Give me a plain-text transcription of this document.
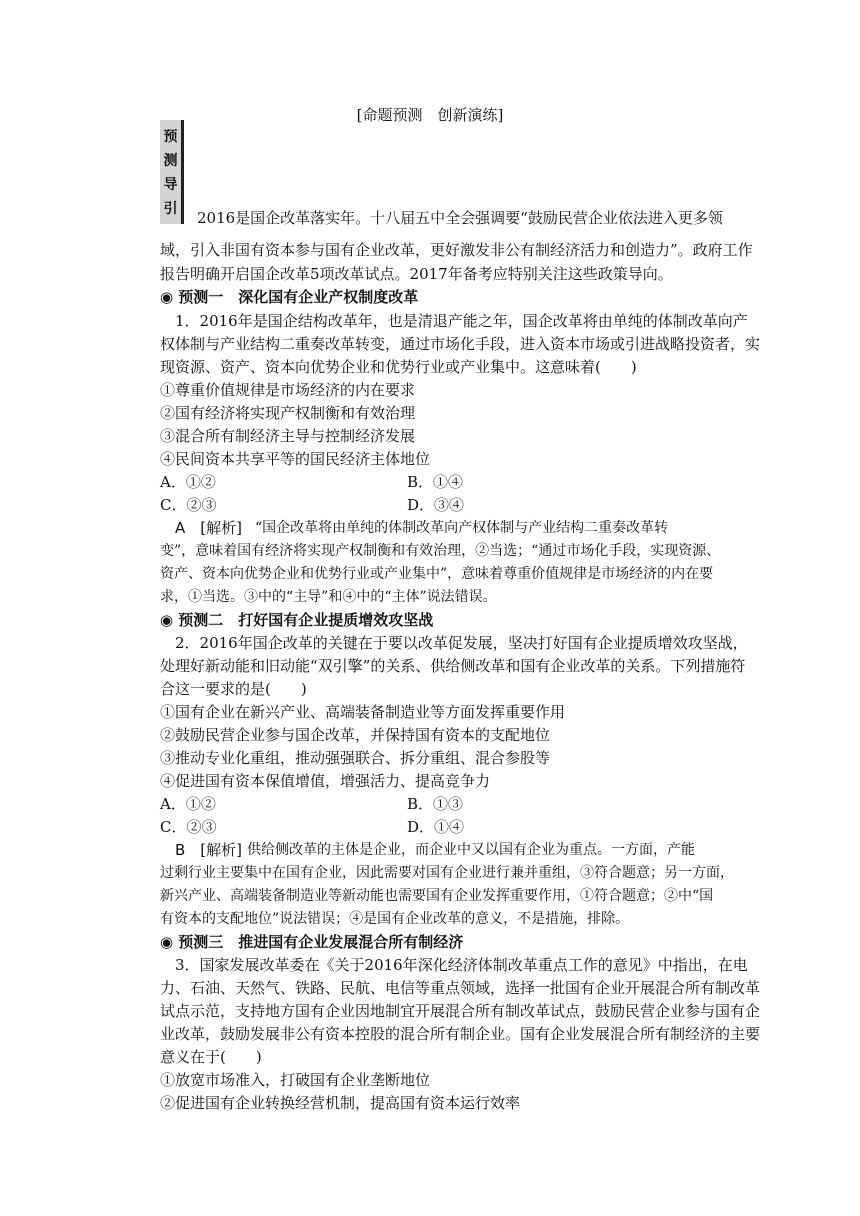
[命题预测　创新演练]
预
测
导
引 2016是国企改革落实年。十八届五中全会强调要“鼓励民营企业依法进入更多领
域，引入非国有资本参与国有企业改革，更好激发非公有制经济活力和创造力”。政府工作
报告明确开启国企改革5项改革试点。2017年备考应特别关注这些政策导向。
◉ 预测一　深化国有企业产权制度改革
1．2016年是国企结构改革年，也是清退产能之年，国企改革将由单纯的体制改革向产
权体制与产业结构二重奏改革转变，通过市场化手段，进入资本市场或引进战略投资者，实
现资源、资产、资本向优势企业和优势行业或产业集中。这意味着(　　)
①尊重价值规律是市场经济的内在要求
②国有经济将实现产权制衡和有效治理
③混合所有制经济主导与控制经济发展
④民间资本共享平等的国民经济主体地位
A．①②	B．①④
C．②③	D．③④
A　[解析] “国企改革将由单纯的体制改革向产权体制与产业结构二重奏改革转
变”，意味着国有经济将实现产权制衡和有效治理，②当选；“通过市场化手段，实现资源、
资产、资本向优势企业和优势行业或产业集中”，意味着尊重价值规律是市场经济的内在要
求，①当选。③中的“主导”和④中的“主体”说法错误。
◉ 预测二　打好国有企业提质增效攻坚战
2．2016年国企改革的关键在于要以改革促发展，坚决打好国有企业提质增效攻坚战，
处理好新动能和旧动能“双引擎”的关系、供给侧改革和国有企业改革的关系。下列措施符
合这一要求的是(　　)
①国有企业在新兴产业、高端装备制造业等方面发挥重要作用
②鼓励民营企业参与国企改革，并保持国有资本的支配地位
③推动专业化重组，推动强强联合、拆分重组、混合参股等
④促进国有资本保值增值，增强活力、提高竞争力
A．①②	B．①③
C．②③	D．①④
B　[解析] 供给侧改革的主体是企业，而企业中又以国有企业为重点。一方面，产能
过剩行业主要集中在国有企业，因此需要对国有企业进行兼并重组，③符合题意；另一方面，
新兴产业、高端装备制造业等新动能也需要国有企业发挥重要作用，①符合题意；②中“国
有资本的支配地位”说法错误；④是国有企业改革的意义，不是措施，排除。
◉ 预测三　推进国有企业发展混合所有制经济
3．国家发展改革委在《关于2016年深化经济体制改革重点工作的意见》中指出，在电
力、石油、天然气、铁路、民航、电信等重点领域，选择一批国有企业开展混合所有制改革
试点示范，支持地方国有企业因地制宜开展混合所有制改革试点，鼓励民营企业参与国有企
业改革，鼓励发展非公有资本控股的混合所有制企业。国有企业发展混合所有制经济的主要
意义在于(　　)
①放宽市场准入，打破国有企业垄断地位
②促进国有企业转换经营机制，提高国有资本运行效率
